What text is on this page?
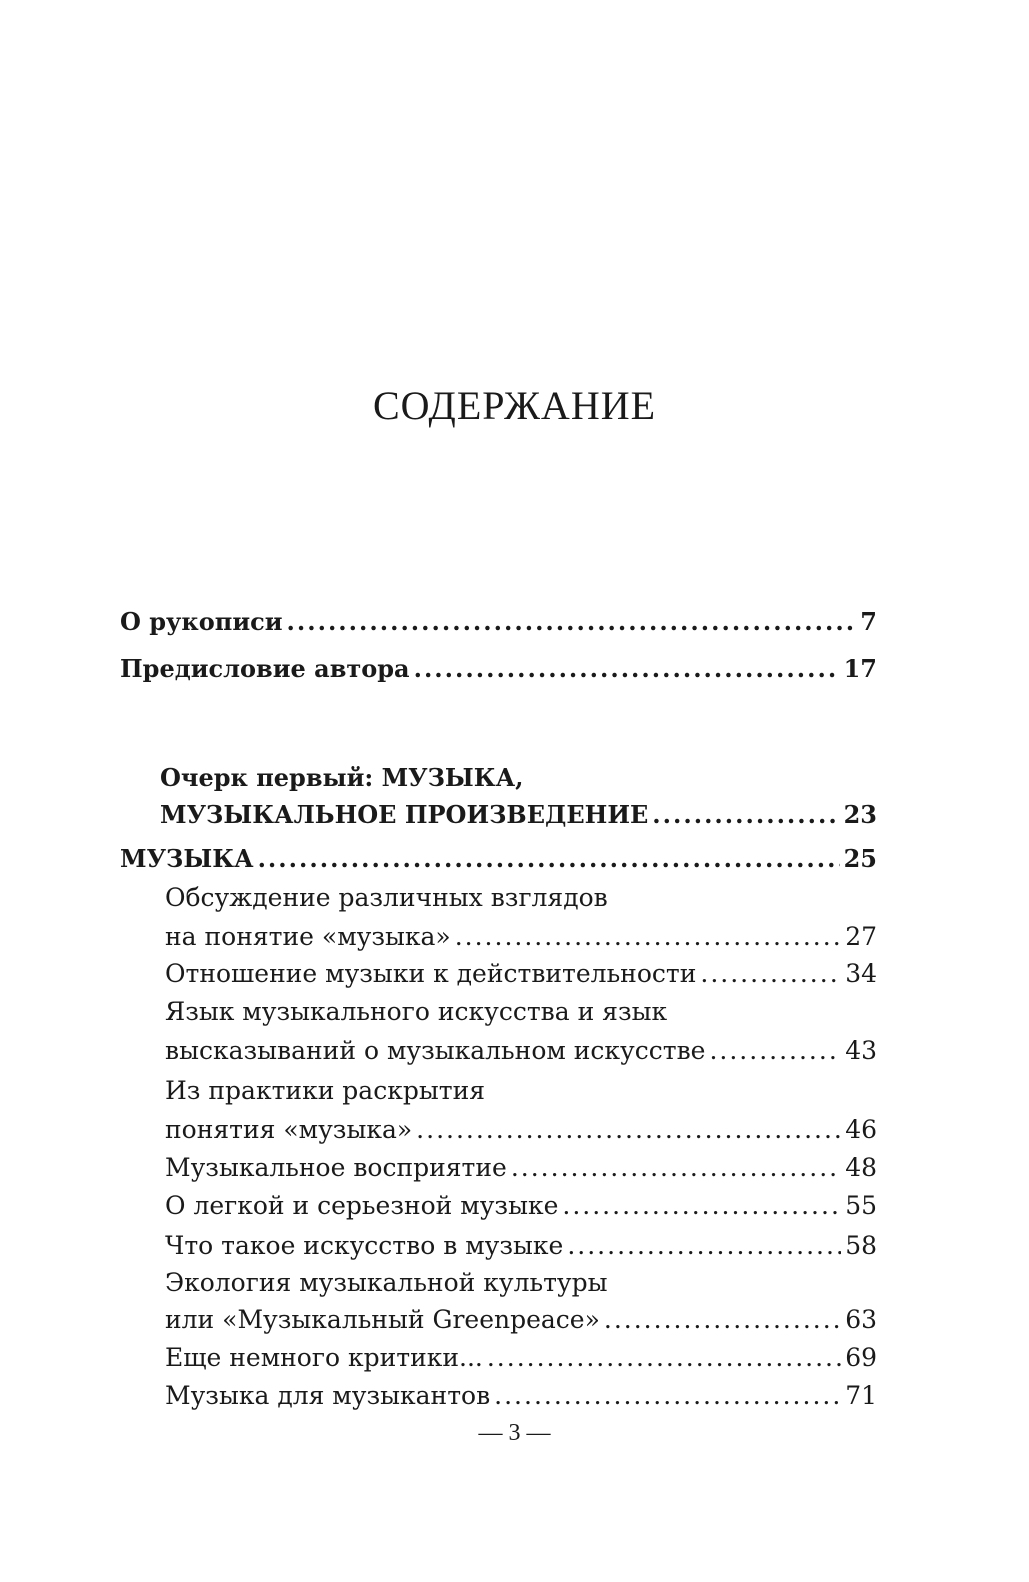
СОДЕРЖАНИЕ
О рукописи .....	7
Предисловие автора .....	17
Очерк первый: МУЗЫКА,
МУЗЫКАЛЬНОЕ ПРОИЗВЕДЕНИЕ .....	23
МУЗЫКА .....	25
Обсуждение различных взглядов
на понятие «музыка» .....	27
Отношение музыки к действительности .....	34
Язык музыкального искусства и язык
высказываний о музыкальном искусстве .....	43
Из практики раскрытия
понятия «музыка» .....	46
Музыкальное восприятие .....	48
О легкой и серьезной музыке .....	55
Что такое искусство в музыке .....	58
Экология музыкальной культуры
или «Музыкальный Greenpeace» .....	63
Еще немного критики... .....	69
Музыка для музыкантов .....	71
— 3 —
